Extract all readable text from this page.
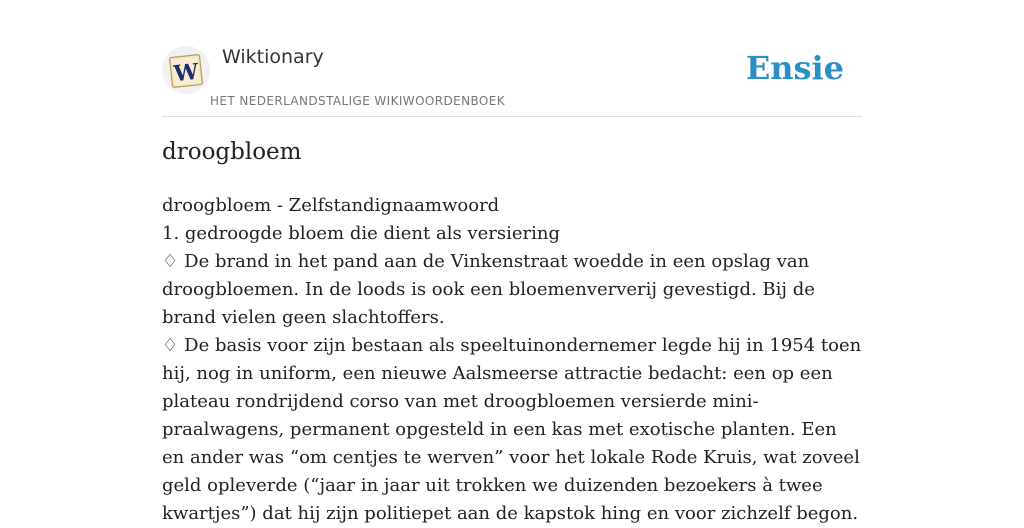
W
Wiktionary
HET NEDERLANDSTALIGE WIKIWOORDENBOEK
Ensie
droogbloem

droogbloem - Zelfstandignaamwoord

1. gedroogde bloem die dient als versiering

♢ De brand in het pand aan de Vinkenstraat woedde in een opslag van droogbloemen. In de loods is ook een bloemenververij gevestigd. Bij de brand vielen geen slachtoffers.

♢ De basis voor zijn bestaan als speeltuinondernemer legde hij in 1954 toen hij, nog in uniform, een nieuwe Aalsmeerse attractie bedacht: een op een plateau rondrijdend corso van met droogbloemen versierde mini-praalwagens, permanent opgesteld in een kas met exotische planten. Een en ander was “om centjes te werven” voor het lokale Rode Kruis, wat zoveel geld opleverde (“jaar in jaar uit trokken we duizenden bezoekers à twee kwartjes”) dat hij zijn politiepet aan de kapstok hing en voor zichzelf begon.
